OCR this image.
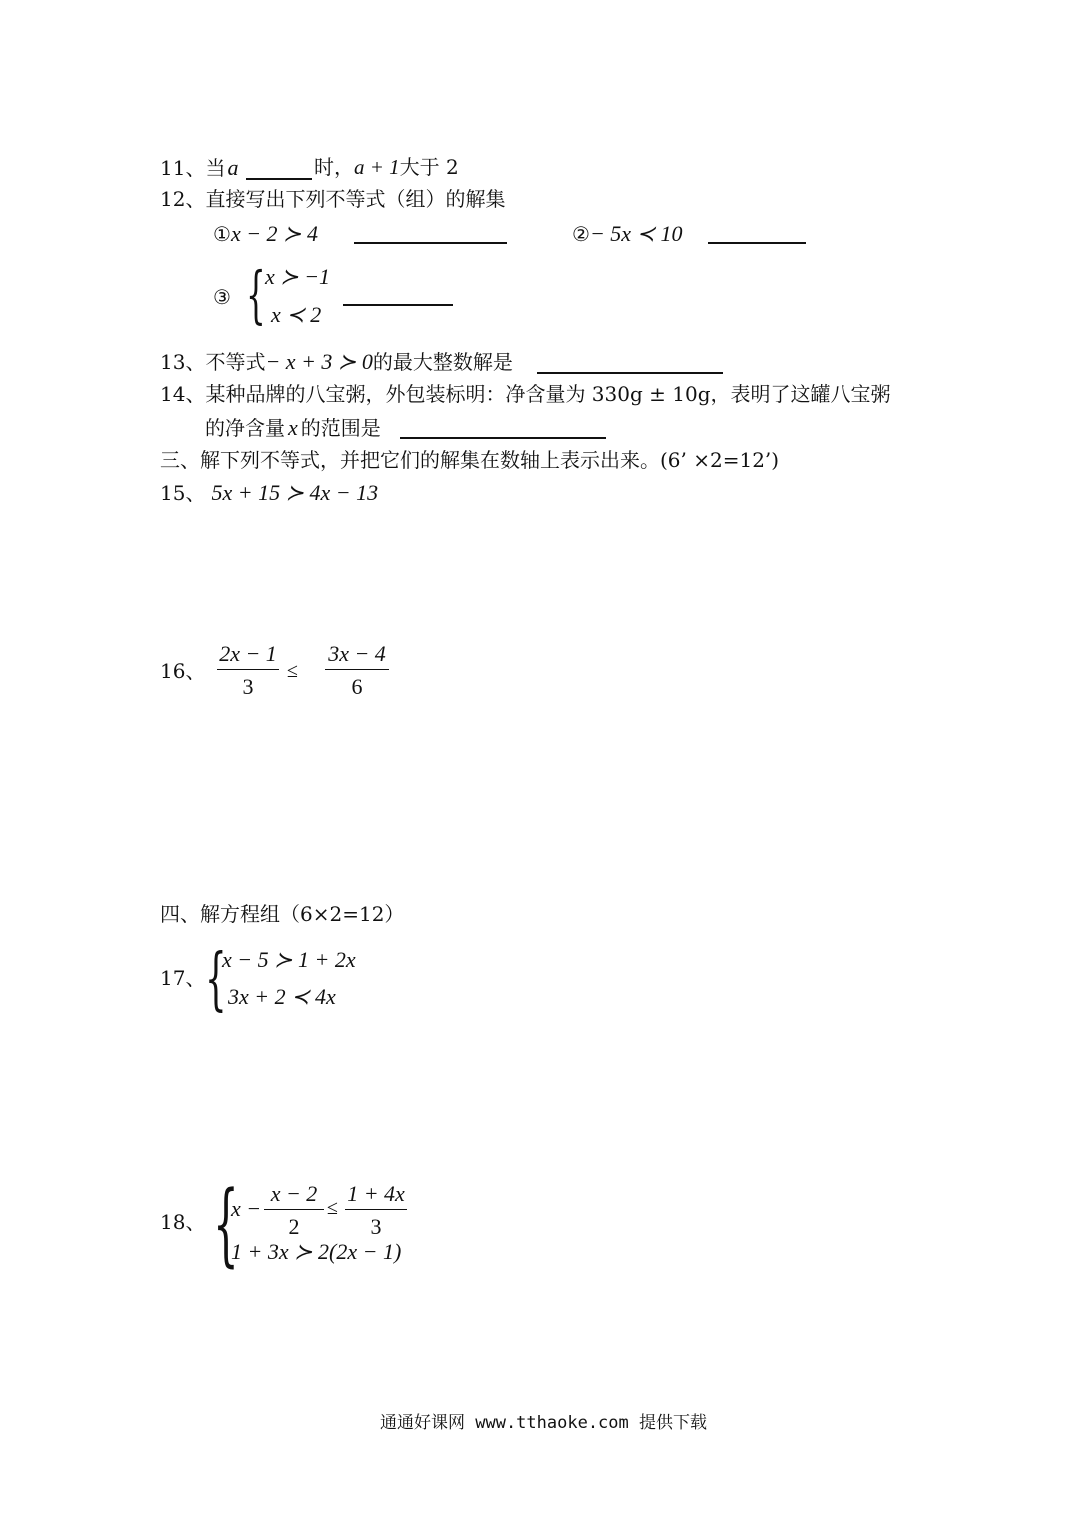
11、当a	时，a + 1大于 2
12、直接写出下列不等式（组）的解集
①x − 2 ≻ 4	②− 5x ≺ 10
③ { x ≻ −1
x ≺ 2
13、不等式− x + 3 ≻ 0的最大整数解是
14、某种品牌的八宝粥，外包装标明：净含量为 330g ± 10g，表明了这罐八宝粥
的净含量 x 的范围是
三、解下列不等式，并把它们的解集在数轴上表示出来。(6’ ×2=12’)
15、 5x + 15 ≻ 4x − 13
16、
2x − 1
3
≤
3x − 4
6
四、解方程组（6×2=12）
17、 {
x − 5 ≻ 1 + 2x
3x + 2 ≺ 4x
18、 {
x −
x − 2
2
≤
1 + 4x
3
1 + 3x ≻ 2(2x − 1)
通通好课网 www.tthaoke.com 提供下载
